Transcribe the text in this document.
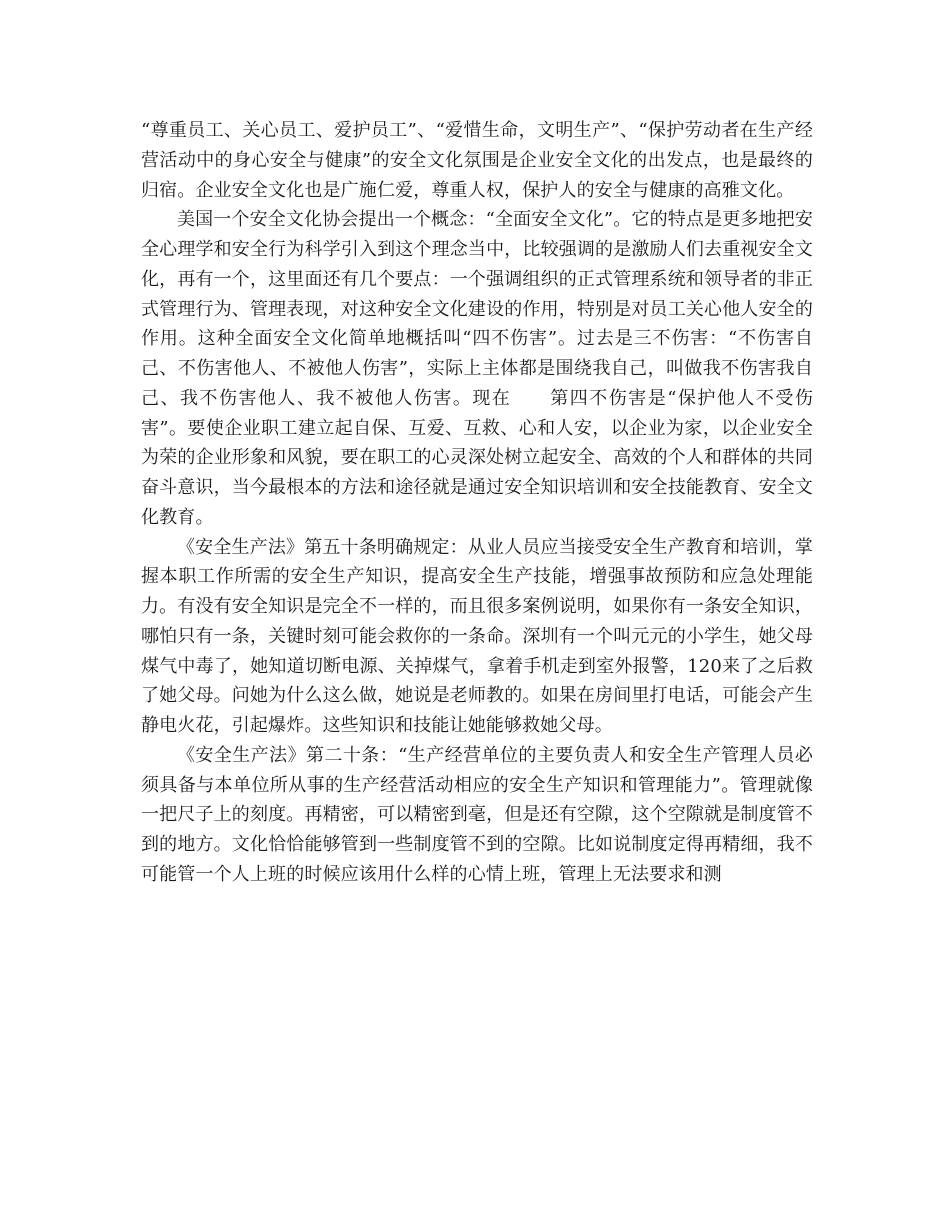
“尊重员工、关心员工、爱护员工”、“爱惜生命，文明生产”、“保护劳动者在生产经营活动中的身心安全与健康”的安全文化氛围是企业安全文化的出发点，也是最终的归宿。企业安全文化也是广施仁爱，尊重人权，保护人的安全与健康的高雅文化。

美国一个安全文化协会提出一个概念：“全面安全文化”。它的特点是更多地把安全心理学和安全行为科学引入到这个理念当中，比较强调的是激励人们去重视安全文化，再有一个，这里面还有几个要点：一个强调组织的正式管理系统和领导者的非正式管理行为、管理表现，对这种安全文化建设的作用，特别是对员工关心他人安全的作用。这种全面安全文化简单地概括叫“四不伤害”。过去是三不伤害：“不伤害自己、不伤害他人、不被他人伤害”，实际上主体都是围绕我自己，叫做我不伤害我自己、我不伤害他人、我不被他人伤害。现在　　第四不伤害是“保护他人不受伤害”。要使企业职工建立起自保、互爱、互救、心和人安，以企业为家，以企业安全为荣的企业形象和风貌，要在职工的心灵深处树立起安全、高效的个人和群体的共同奋斗意识，当今最根本的方法和途径就是通过安全知识培训和安全技能教育、安全文化教育。

《安全生产法》第五十条明确规定：从业人员应当接受安全生产教育和培训，掌握本职工作所需的安全生产知识，提高安全生产技能，增强事故预防和应急处理能力。有没有安全知识是完全不一样的，而且很多案例说明，如果你有一条安全知识，哪怕只有一条，关键时刻可能会救你的一条命。深圳有一个叫元元的小学生，她父母煤气中毒了，她知道切断电源、关掉煤气，拿着手机走到室外报警，120来了之后救了她父母。问她为什么这么做，她说是老师教的。如果在房间里打电话，可能会产生静电火花，引起爆炸。这些知识和技能让她能够救她父母。

《安全生产法》第二十条：“生产经营单位的主要负责人和安全生产管理人员必须具备与本单位所从事的生产经营活动相应的安全生产知识和管理能力”。管理就像一把尺子上的刻度。再精密，可以精密到毫，但是还有空隙，这个空隙就是制度管不到的地方。文化恰恰能够管到一些制度管不到的空隙。比如说制度定得再精细，我不可能管一个人上班的时候应该用什么样的心情上班，管理上无法要求和测
